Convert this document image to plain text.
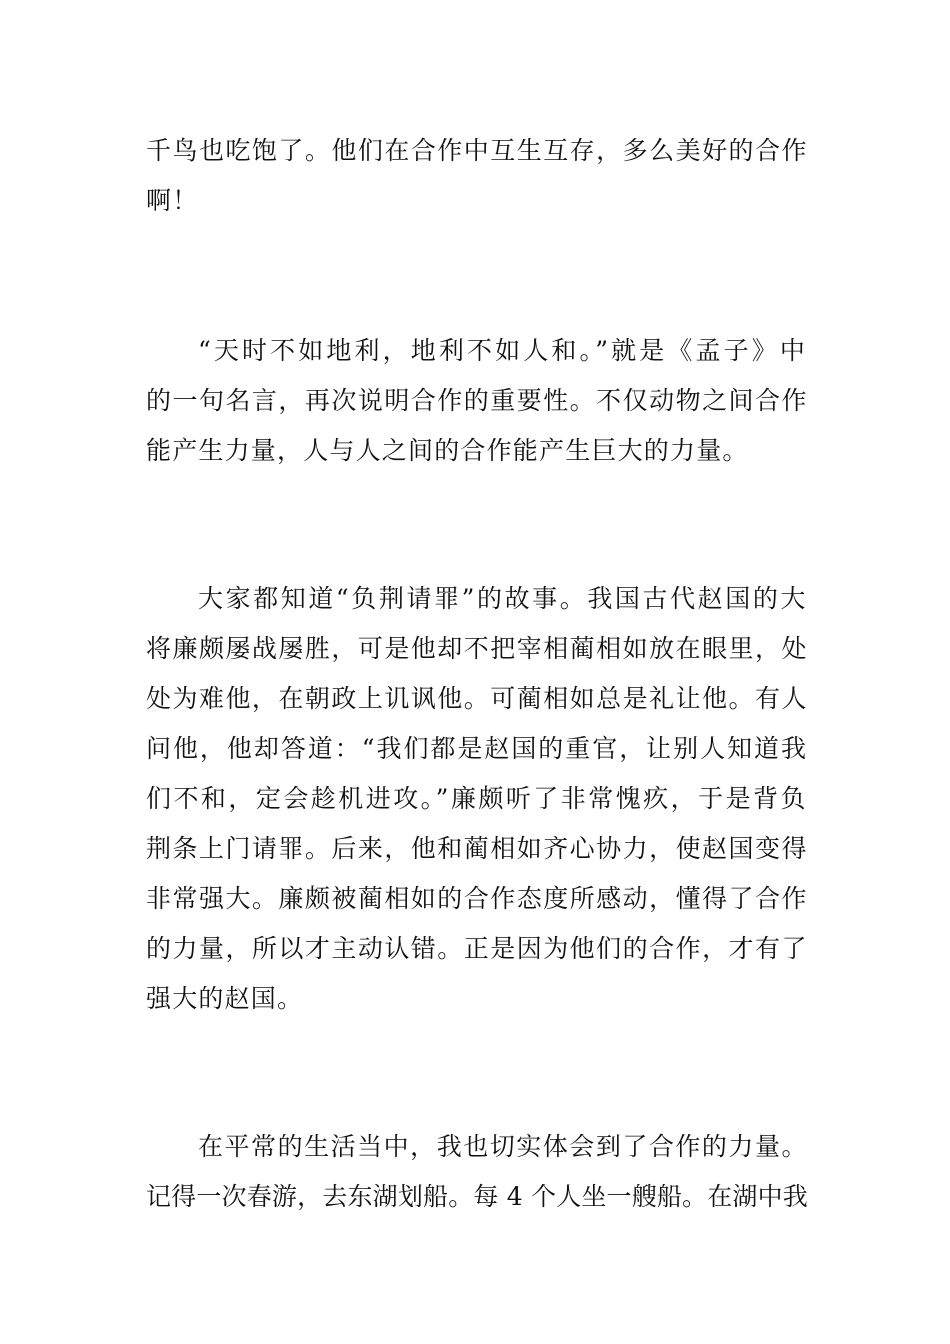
千鸟也吃饱了。他们在合作中互生互存，多么美好的合作
啊！

“天时不如地利，地利不如人和。”就是《孟子》中
的一句名言，再次说明合作的重要性。不仅动物之间合作
能产生力量，人与人之间的合作能产生巨大的力量。

大家都知道“负荆请罪”的故事。我国古代赵国的大
将廉颇屡战屡胜，可是他却不把宰相蔺相如放在眼里，处
处为难他，在朝政上讥讽他。可蔺相如总是礼让他。有人
问他，他却答道：“我们都是赵国的重官，让别人知道我
们不和，定会趁机进攻。”廉颇听了非常愧疚，于是背负
荆条上门请罪。后来，他和蔺相如齐心协力，使赵国变得
非常强大。廉颇被蔺相如的合作态度所感动，懂得了合作
的力量，所以才主动认错。正是因为他们的合作，才有了
强大的赵国。

在平常的生活当中，我也切实体会到了合作的力量。
记得一次春游，去东湖划船。每 4 个人坐一艘船。在湖中我
